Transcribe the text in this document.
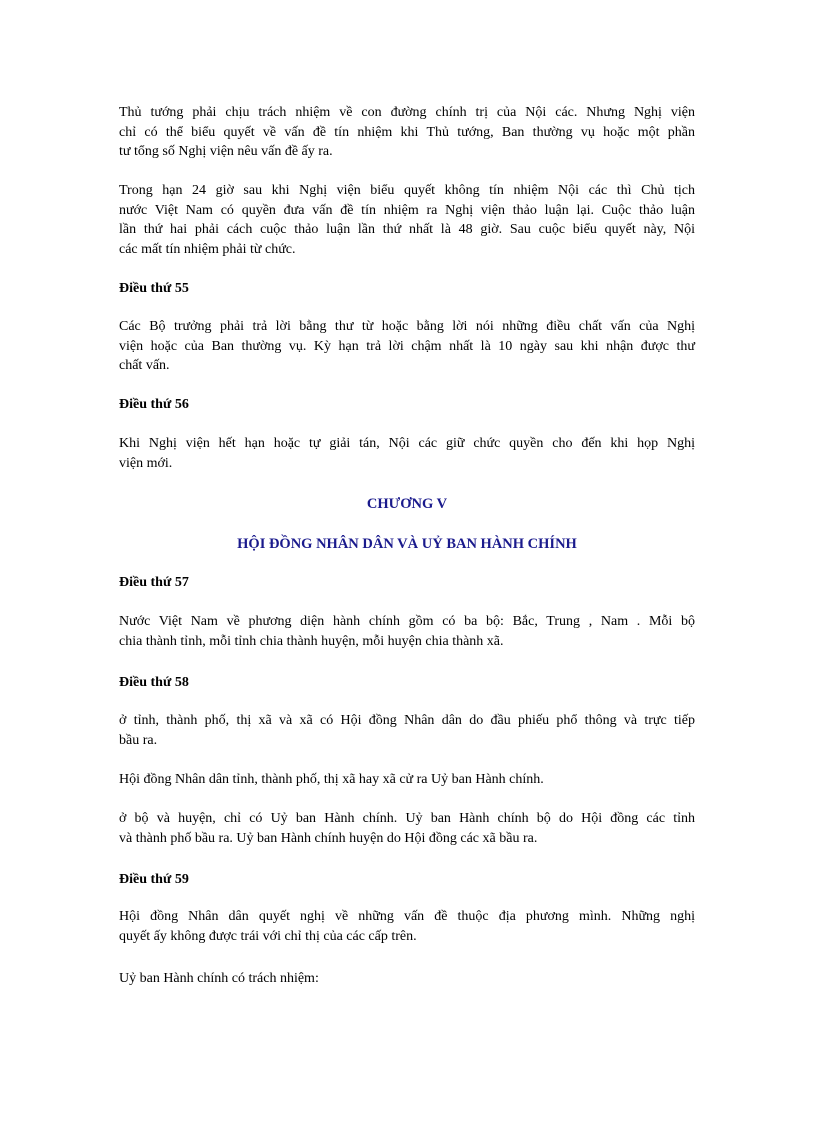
Thủ tướng phải chịu trách nhiệm về con đường chính trị của Nội các. Nhưng Nghị viện
chỉ có thể biểu quyết về vấn đề tín nhiệm khi Thủ tướng, Ban thường vụ hoặc một phần
tư tổng số Nghị viện nêu vấn đề ấy ra.
Trong hạn 24 giờ sau khi Nghị viện biểu quyết không tín nhiệm Nội các thì Chủ tịch
nước Việt Nam có quyền đưa vấn đề tín nhiệm ra Nghị viện thảo luận lại. Cuộc thảo luận
lần thứ hai phải cách cuộc thảo luận lần thứ nhất là 48 giờ. Sau cuộc biểu quyết này, Nội
các mất tín nhiệm phải từ chức.
Điều thứ 55
Các Bộ trưởng phải trả lời bằng thư từ hoặc bằng lời nói những điều chất vấn của Nghị
viện hoặc của Ban thường vụ. Kỳ hạn trả lời chậm nhất là 10 ngày sau khi nhận được thư
chất vấn.
Điều thứ 56
Khi Nghị viện hết hạn hoặc tự giải tán, Nội các giữ chức quyền cho đến khi họp Nghị
viện mới.
CHƯƠNG V
HỘI ĐỒNG NHÂN DÂN VÀ UỶ BAN HÀNH CHÍNH
Điều thứ 57
Nước Việt Nam về phương diện hành chính gồm có ba bộ: Bắc, Trung , Nam . Mỗi bộ
chia thành tỉnh, mỗi tỉnh chia thành huyện, mỗi huyện chia thành xã.
Điều thứ 58
ở tỉnh, thành phố, thị xã và xã có Hội đồng Nhân dân do đầu phiếu phổ thông và trực tiếp
bầu ra.
Hội đồng Nhân dân tỉnh, thành phố, thị xã hay xã cử ra Uỷ ban Hành chính.
ở bộ và huyện, chỉ có Uỷ ban Hành chính. Uỷ ban Hành chính bộ do Hội đồng các tỉnh
và thành phố bầu ra. Uỷ ban Hành chính huyện do Hội đồng các xã bầu ra.
Điều thứ 59
Hội đồng Nhân dân quyết nghị về những vấn đề thuộc địa phương mình. Những nghị
quyết ấy không được trái với chỉ thị của các cấp trên.
Uỷ ban Hành chính có trách nhiệm:
